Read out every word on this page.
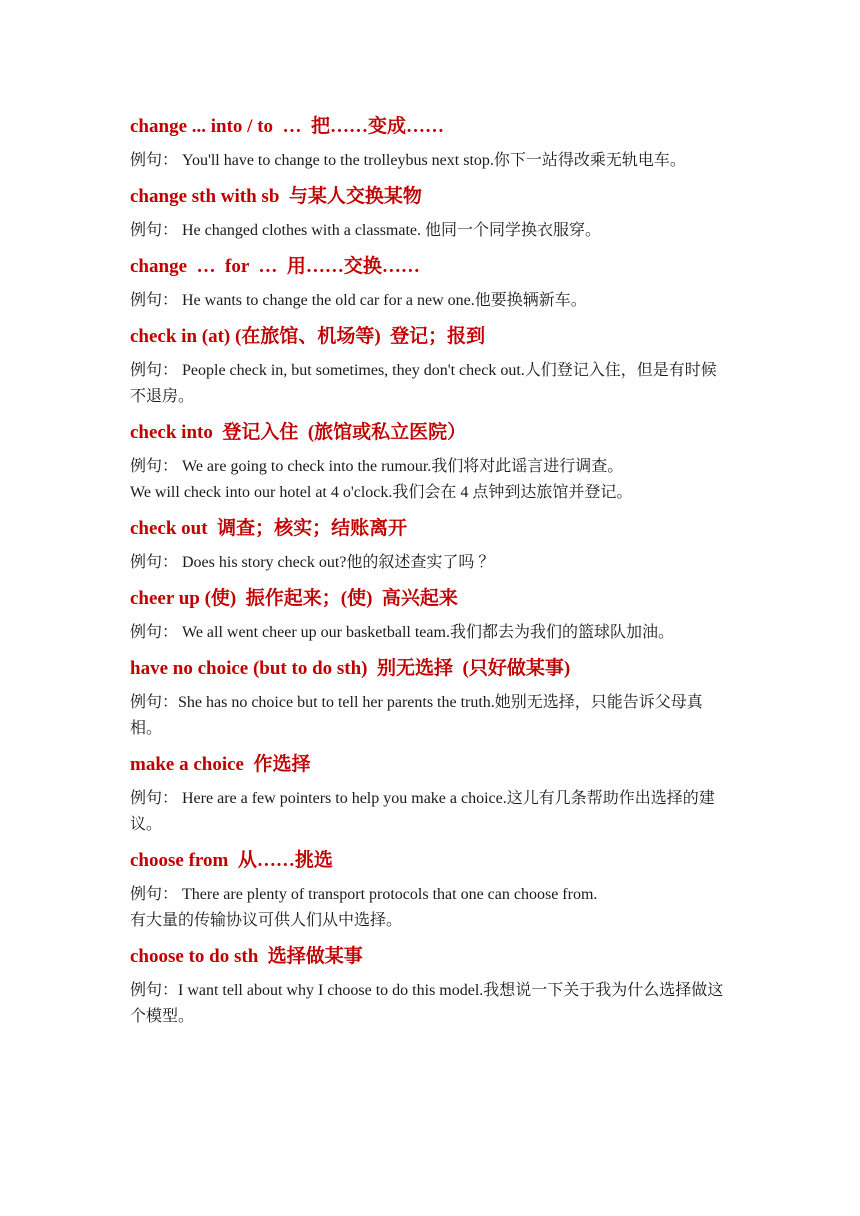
change ... into / to  …  把……变成……
例句： You'll have to change to the trolleybus next stop.你下一站得改乘无轨电车。
change sth with sb  与某人交换某物
例句： He changed clothes with a classmate. 他同一个同学换衣服穿。
change  …  for  …  用……交换……
例句： He wants to change the old car for a new one.他要换辆新车。
check in (at) (在旅馆、机场等)  登记；报到
例句： People check in, but sometimes, they don't check out.人们登记入住，但是有时候不退房。
check into  登记入住  (旅馆或私立医院）
例句： We are going to check into the rumour.我们将对此谣言进行调查。
We will check into our hotel at 4 o'clock.我们会在 4 点钟到达旅馆并登记。
check out  调查；核实；结账离开
例句： Does his story check out?他的叙述查实了吗 ？
cheer up (使)  振作起来；(使)  高兴起来
例句： We all went cheer up our basketball team.我们都去为我们的篮球队加油。
have no choice (but to do sth)  别无选择  (只好做某事)
例句：She has no choice but to tell her parents the truth.她别无选择，只能告诉父母真相。
make a choice  作选择
例句： Here are a few pointers to help you make a choice.这儿有几条帮助作出选择的建议。
choose from  从……挑选
例句： There are plenty of transport protocols that one can choose from.
有大量的传输协议可供人们从中选择。
choose to do sth  选择做某事
例句：I want tell about why I choose to do this model.我想说一下关于我为什么选择做这个模型。
